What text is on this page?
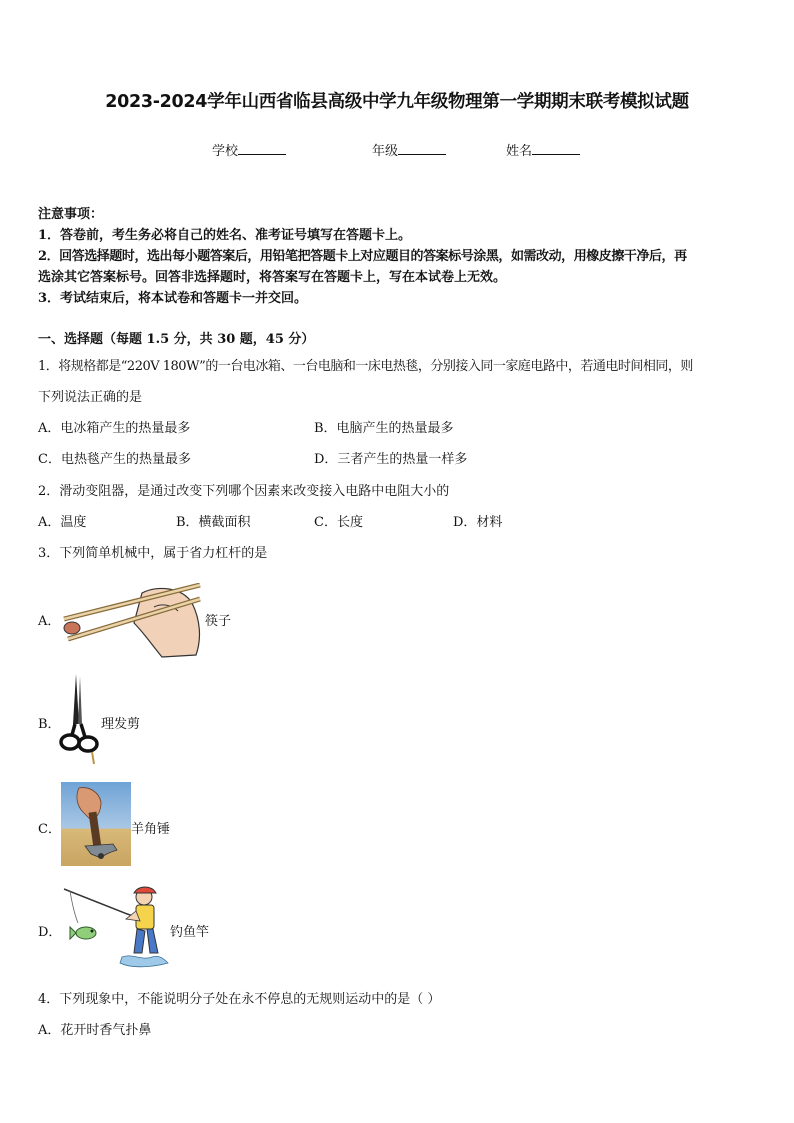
2023-2024学年山西省临县高级中学九年级物理第一学期期末联考模拟试题
学校	年级	姓名
注意事项：
1．答卷前，考生务必将自己的姓名、准考证号填写在答题卡上。
2．回答选择题时，选出每小题答案后，用铅笔把答题卡上对应题目的答案标号涂黑，如需改动，用橡皮擦干净后，再
选涂其它答案标号。回答非选择题时，将答案写在答题卡上，写在本试卷上无效。
3．考试结束后，将本试卷和答题卡一并交回。
一、选择题（每题 1.5 分，共 30 题，45 分）
1．将规格都是“220V 180W”的一台电冰箱、一台电脑和一床电热毯，分别接入同一家庭电路中，若通电时间相同，则
下列说法正确的是
A．电冰箱产生的热量最多	B．电脑产生的热量最多
C．电热毯产生的热量最多	D．三者产生的热量一样多
2．滑动变阻器，是通过改变下列哪个因素来改变接入电路中电阻大小的
A．温度	B．横截面积	C．长度	D．材料
3．下列简单机械中，属于省力杠杆的是
A．	筷子
B．	理发剪
C．	羊角锤
D．	钓鱼竿
4．下列现象中，不能说明分子处在永不停息的无规则运动中的是（ ）
A．花开时香气扑鼻
